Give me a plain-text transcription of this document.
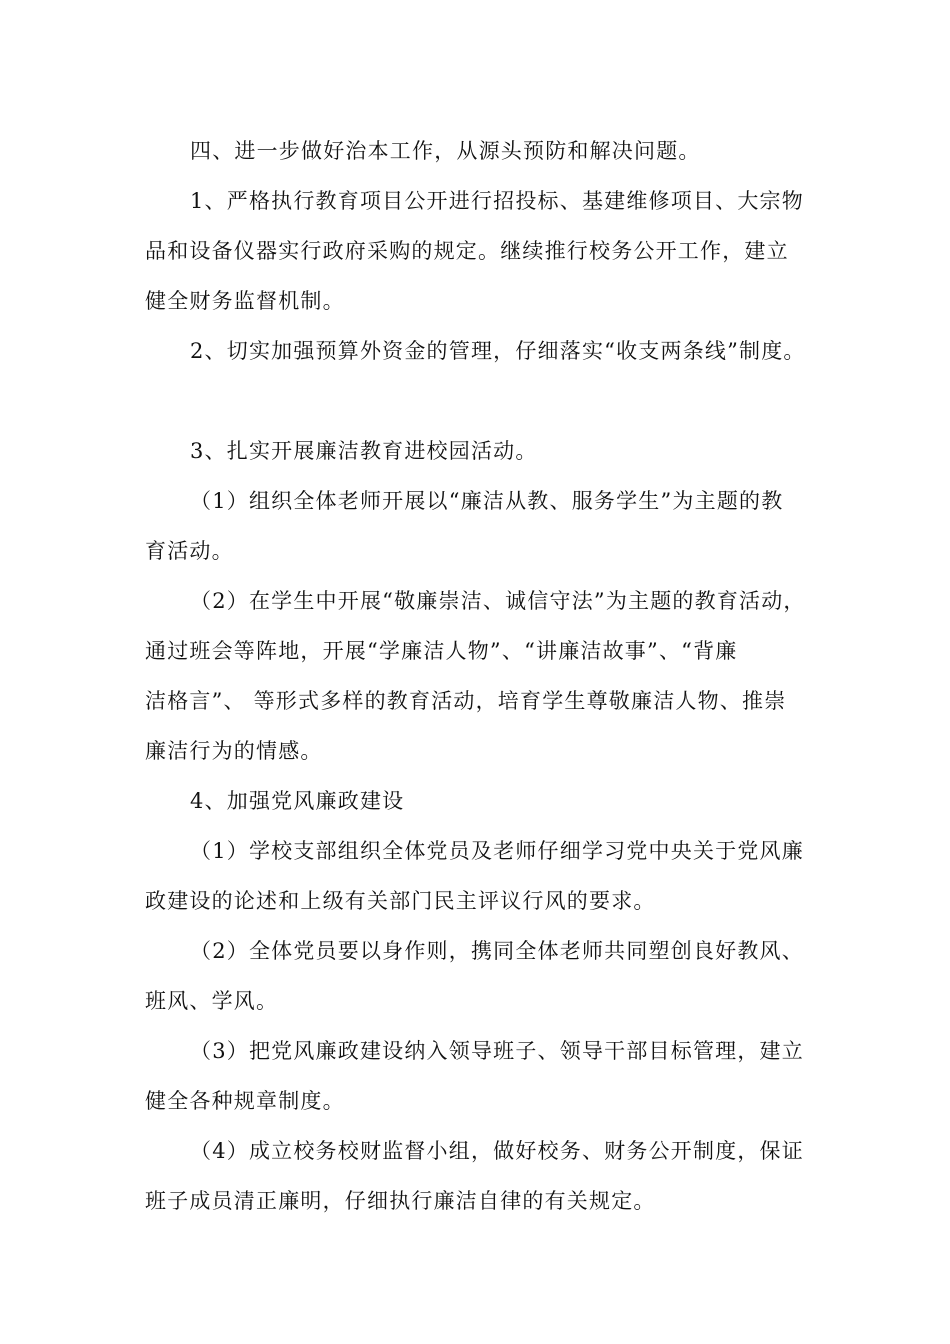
四、进一步做好治本工作，从源头预防和解决问题。
1、严格执行教育项目公开进行招投标、基建维修项目、大宗物
品和设备仪器实行政府采购的规定。继续推行校务公开工作，建立
健全财务监督机制。
2、切实加强预算外资金的管理，仔细落实“收支两条线”制度。
3、扎实开展廉洁教育进校园活动。
（1）组织全体老师开展以“廉洁从教、服务学生”为主题的教
育活动。
（2）在学生中开展“敬廉崇洁、诚信守法”为主题的教育活动，
通过班会等阵地，开展“学廉洁人物”、“讲廉洁故事”、“背廉
洁格言”、 等形式多样的教育活动，培育学生尊敬廉洁人物、推崇
廉洁行为的情感。
4、加强党风廉政建设
（1）学校支部组织全体党员及老师仔细学习党中央关于党风廉
政建设的论述和上级有关部门民主评议行风的要求。
（2）全体党员要以身作则，携同全体老师共同塑创良好教风、
班风、学风。
（3）把党风廉政建设纳入领导班子、领导干部目标管理，建立
健全各种规章制度。
（4）成立校务校财监督小组，做好校务、财务公开制度，保证
班子成员清正廉明，仔细执行廉洁自律的有关规定。
